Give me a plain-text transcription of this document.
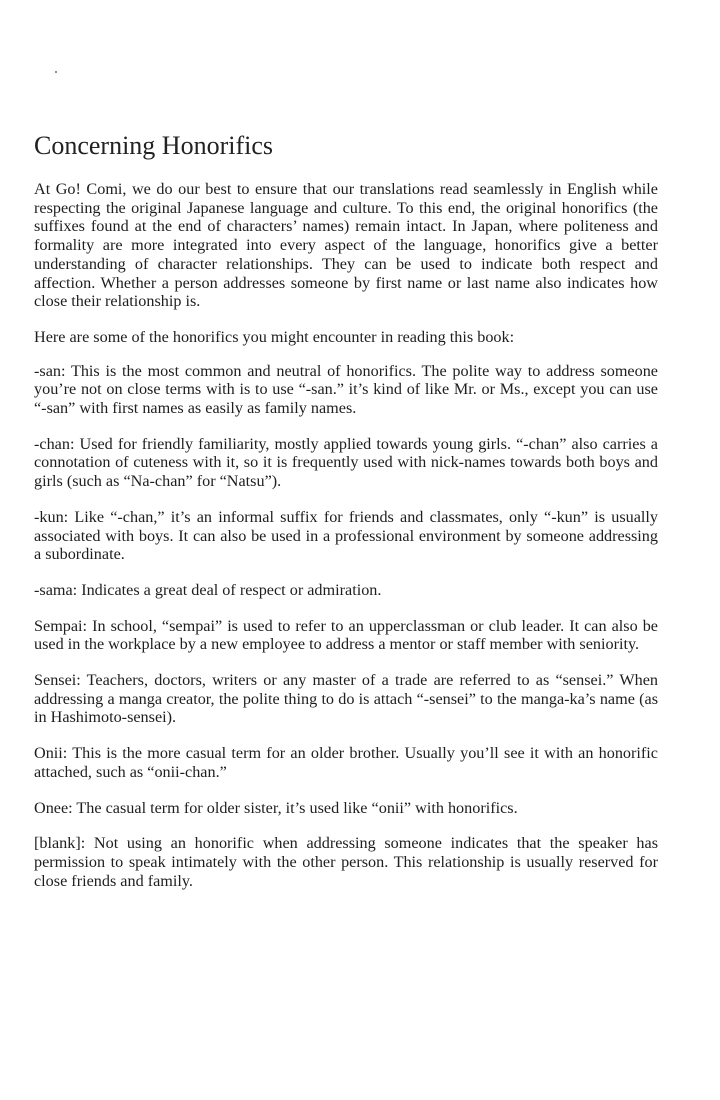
Concerning Honorifics

At Go! Comi, we do our best to ensure that our translations read seamlessly in English while respecting the original Japanese language and culture. To this end, the original honorifics (the suffixes found at the end of characters’ names) remain intact. In Japan, where politeness and formality are more integrated into every aspect of the language, honorifics give a better understanding of character relationships. They can be used to indicate both respect and affection. Whether a person addresses someone by first name or last name also indicates how close their relationship is.

Here are some of the honorifics you might encounter in reading this book:

-san: This is the most common and neutral of honorifics. The polite way to address someone you’re not on close terms with is to use “-san.” it’s kind of like Mr. or Ms., except you can use “-san” with first names as easily as family names.

-chan: Used for friendly familiarity, mostly applied towards young girls. “-chan” also carries a connotation of cuteness with it, so it is frequently used with nick-names towards both boys and girls (such as “Na-chan” for “Natsu”).

-kun: Like “-chan,” it’s an informal suffix for friends and classmates, only “-kun” is usually associated with boys. It can also be used in a professional environment by someone addressing a subordinate.

-sama: Indicates a great deal of respect or admiration.

Sempai: In school, “sempai” is used to refer to an upperclassman or club leader. It can also be used in the workplace by a new employee to address a mentor or staff member with seniority.

Sensei: Teachers, doctors, writers or any master of a trade are referred to as “sensei.” When addressing a manga creator, the polite thing to do is attach “-sensei” to the manga-ka’s name (as in Hashimoto-sensei).

Onii: This is the more casual term for an older brother. Usually you’ll see it with an honorific attached, such as “onii-chan.”

Onee: The casual term for older sister, it’s used like “onii” with honorifics.

[blank]: Not using an honorific when addressing someone indicates that the speaker has permission to speak intimately with the other person. This relationship is usually reserved for close friends and family.
